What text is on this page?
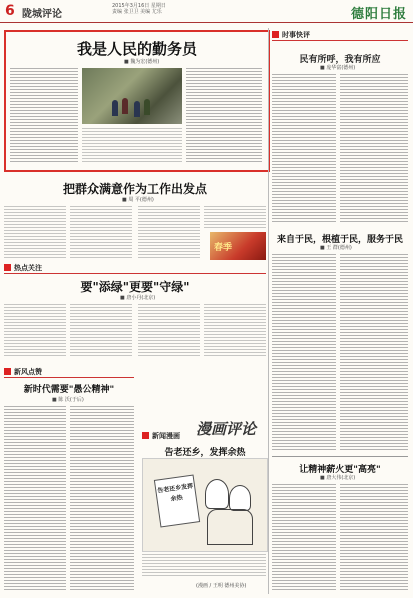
6 陇城评论
2015年3月16日 星期日
责编 张卫卫 美编 尤乐	德阳日报
我是人民的勤务员
■ 魏为宏(德州)
时事快评
民有所呼，我有所应
■ 庞华富(德州)
把群众满意作为工作出发点
■ 周 平(德州)
春季
来自于民，根植于民，服务于民
■ 王 群(德州)
热点关注
要"添绿"更要"守绿"
■ 唐小丹(北京)
新风点赞
新时代需要"愚公精神"
■ 陈 沃(于后)
漫画评论
新闻漫画
告老还乡，发挥余热
告老还乡发挥余热
(漫画 / 王明 德州美协)
让精神薪火更"高亮"
■ 唐大伟(北京)
